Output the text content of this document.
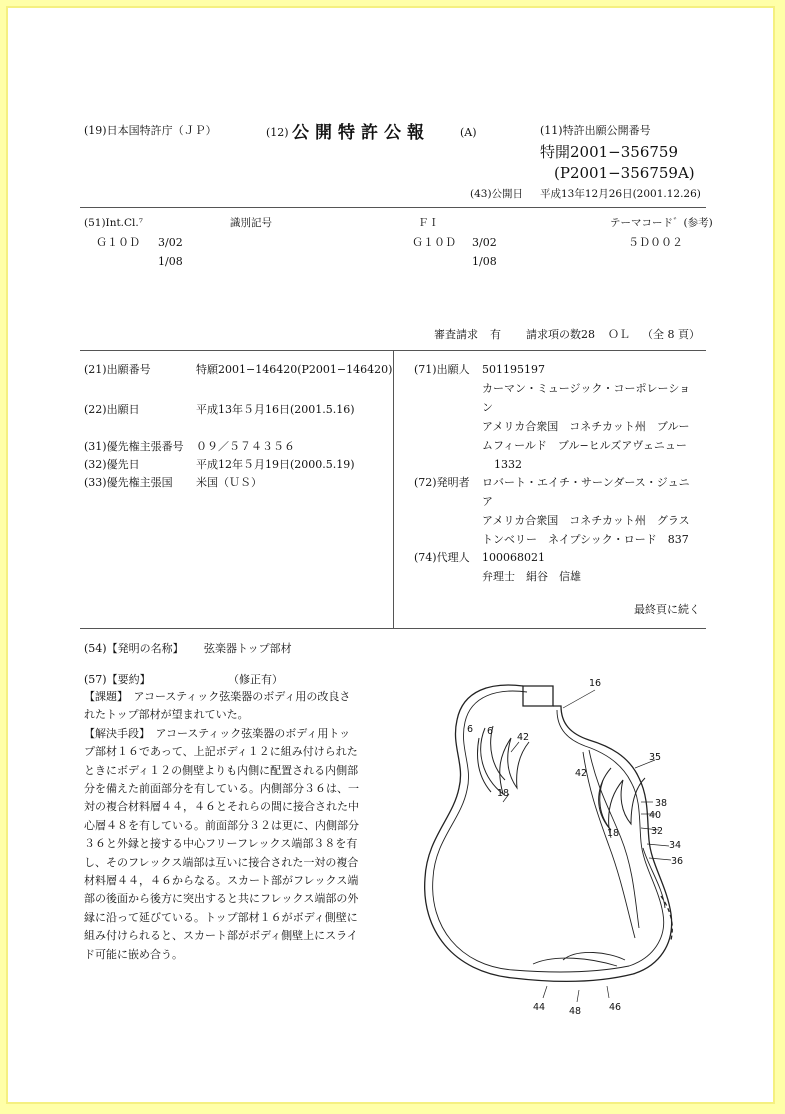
(19)日本国特許庁（ＪＰ）	(12) 公開特許公報	(A)	(11)特許出願公開番号
特開2001−356759
(P2001−356759A)
(43)公開日 平成13年12月26日(2001.12.26)
(51)Int.Cl.⁷	識別記号	ＦＩ	テーマコード゛(参考)
Ｇ１０Ｄ 3/02
1/08
Ｇ１０Ｄ 3/02
1/08
５Ｄ００２
審査請求 有 請求項の数28 ＯＬ （全 8 頁）
(21)出願番号	特願2001−146420(P2001−146420)
(22)出願日	平成13年５月16日(2001.5.16)
(31)優先権主張番号 ０９／５７４３５６
(32)優先日	平成12年５月19日(2000.5.19)
(33)優先権主張国 米国（ＵＳ）
(71)出願人 501195197
カーマン・ミュージック・コーポレーショ
ン
アメリカ合衆国　コネチカット州　ブルー
ムフィールド　ブル−ヒルズアヴェニュー
1332
(72)発明者 ロバート・エイチ・サーンダース・ジュニ
ア
アメリカ合衆国　コネチカット州　グラス
トンベリー　ネイプシック・ロード　837
(74)代理人 100068021
弁理士　絹谷　信雄
最終頁に続く
(54)【発明の名称】 弦楽器トップ部材
(57)【要約】	（修正有）
【課題】　アコースティック弦楽器のボディ用の改良さ
れたトップ部材が望まれていた。
【解決手段】　アコースティック弦楽器のボディ用トッ
プ部材１６であって、上記ボディ１２に組み付けられた
ときにボディ１２の側壁よりも内側に配置される内側部
分を備えた前面部分を有している。内側部分３６は、一
対の複合材料層４４，４６とそれらの間に接合された中
心層４８を有している。前面部分３２は更に、内側部分
３６と外縁と接する中心フリーフレックス端部３８を有
し、そのフレックス端部は互いに接合された一対の複合
材料層４４，４６からなる。スカート部がフレックス端
部の後面から後方に突出すると共にフレックス端部の外
縁に沿って延びている。トップ部材１６がボディ側壁に
組み付けられると、スカート部がボディ側壁上にスライ
ド可能に嵌め合う。
16
6 6
42
35
18
42
38
40
18	32
34
36
44	48	46
